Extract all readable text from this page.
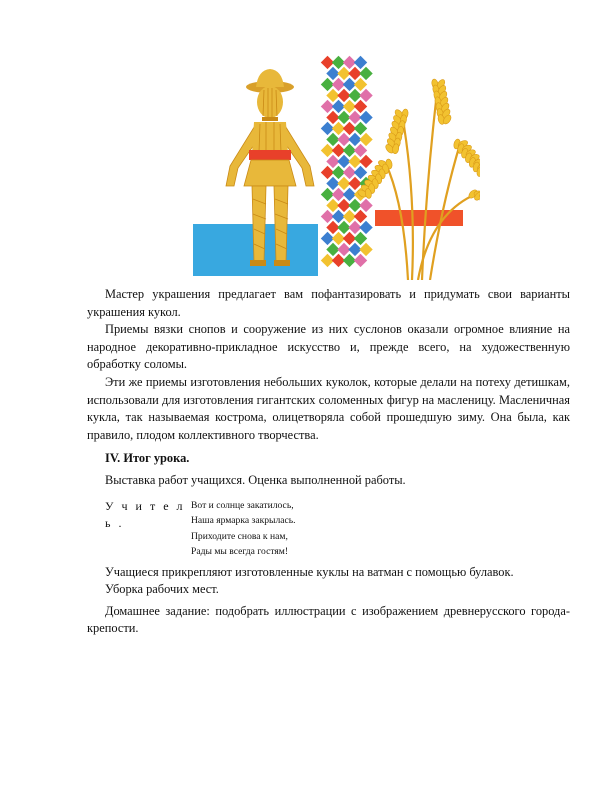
Мастер украшения предлагает вам пофантазировать и придумать свои варианты украшения кукол.

Приемы вязки снопов и сооружение из них суслонов оказали огромное влияние на народное декоративно-прикладное искусство и, прежде всего, на художественную обработку соломы.

Эти же приемы изготовления небольших куколок, которые делали на потеху детишкам, использовали для изготовления гигантских соломенных фигур на масленицу. Масленичная кукла, так называемая кострома, олицетворяла собой прошедшую зиму. Она была, как правило, плодом коллективного творчества.

IV. Итог урока.

Выставка работ учащихся. Оценка выполненной работы.

У ч и т е л ь .
Вот и солнце закатилось,
Наша ярмарка закрылась.
Приходите снова к нам,
Рады мы всегда гостям!

Учащиеся прикрепляют изготовленные куклы на ватман с помощью булавок.

Уборка рабочих мест.

Домашнее задание: подобрать иллюстрации с изображением древнерусского города-крепости.
